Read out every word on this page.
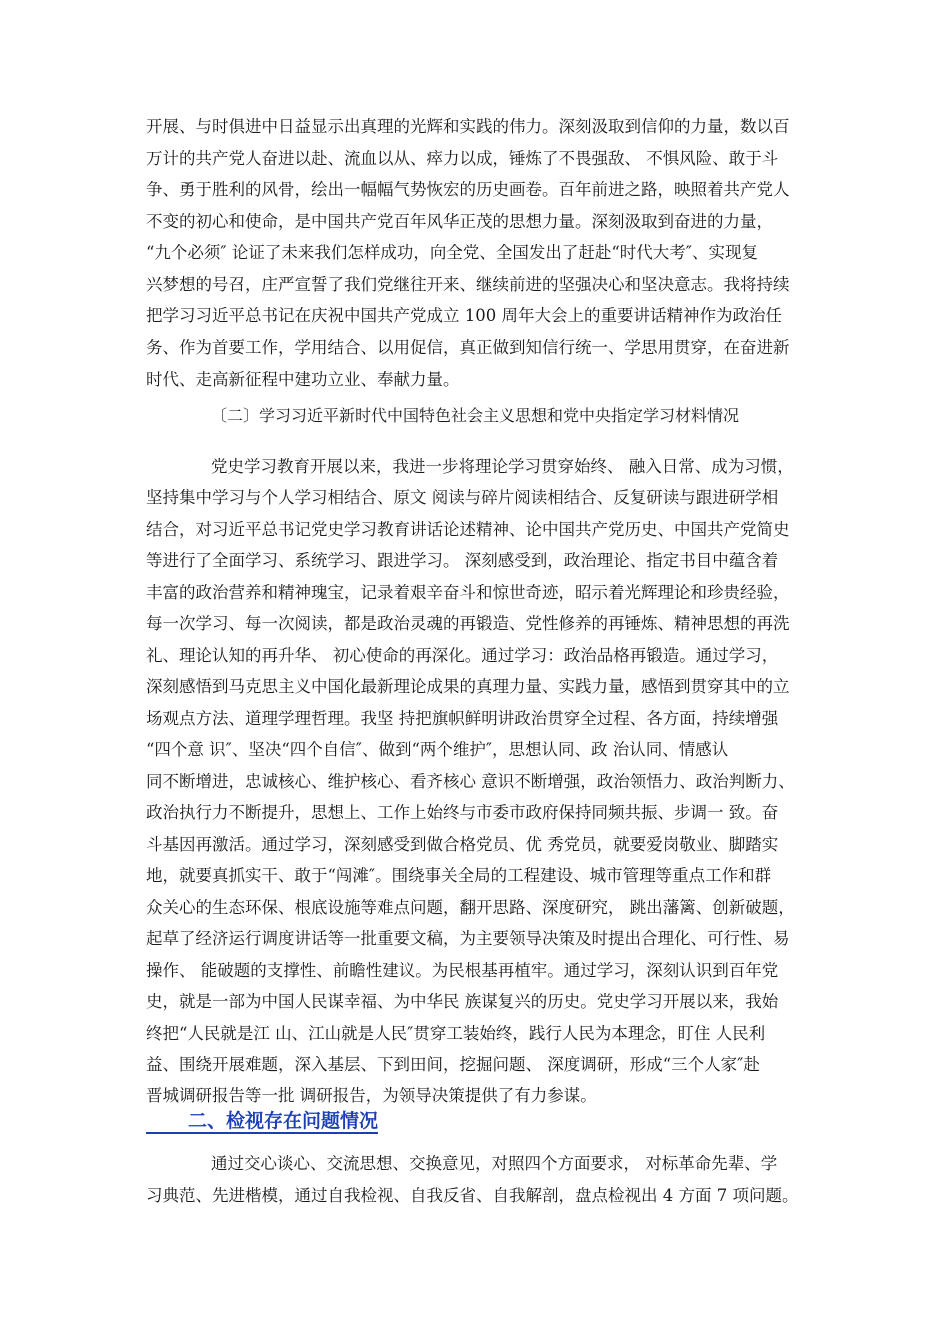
开展、与时俱进中日益显示出真理的光辉和实践的伟力。深刻汲取到信仰的力量，数以百
万计的共产党人奋进以赴、流血以从、瘁力以成，锤炼了不畏强敌、 不惧风险、敢于斗
争、勇于胜利的风骨，绘出一幅幅气势恢宏的历史画卷。百年前进之路，映照着共产党人
不变的初心和使命，是中国共产党百年风华正茂的思想力量。深刻汲取到奋进的力量，
“九个必须″ 论证了未来我们怎样成功，向全党、全国发出了赶赴“时代大考″、实现复
兴梦想的号召，庄严宣誓了我们党继往开来、继续前进的坚强决心和坚决意志。我将持续
把学习习近平总书记在庆祝中国共产党成立 100 周年大会上的重要讲话精神作为政治任
务、作为首要工作，学用结合、以用促信，真正做到知信行统一、学思用贯穿，在奋进新
时代、走高新征程中建功立业、奉献力量。
〔二〕学习习近平新时代中国特色社会主义思想和党中央指定学习材料情况
党史学习教育开展以来，我进一步将理论学习贯穿始终、 融入日常、成为习惯，
坚持集中学习与个人学习相结合、原文 阅读与碎片阅读相结合、反复研读与跟进研学相
结合，对习近平总书记党史学习教育讲话论述精神、论中国共产党历史、中国共产党简史
等进行了全面学习、系统学习、跟进学习。 深刻感受到，政治理论、指定书目中蕴含着
丰富的政治营养和精神瑰宝，记录着艰辛奋斗和惊世奇迹，昭示着光辉理论和珍贵经验，
每一次学习、每一次阅读，都是政治灵魂的再锻造、党性修养的再锤炼、精神思想的再洗
礼、理论认知的再升华、 初心使命的再深化。通过学习：政治品格再锻造。通过学习，
深刻感悟到马克思主义中国化最新理论成果的真理力量、实践力量，感悟到贯穿其中的立
场观点方法、道理学理哲理。我坚 持把旗帜鲜明讲政治贯穿全过程、各方面，持续增强
“四个意 识″、坚决“四个自信″、做到“两个维护″，思想认同、政 治认同、情感认
同不断增进，忠诚核心、维护核心、看齐核心 意识不断增强，政治领悟力、政治判断力、
政治执行力不断提升，思想上、工作上始终与市委市政府保持同频共振、步调一 致。奋
斗基因再激活。通过学习，深刻感受到做合格党员、优 秀党员，就要爱岗敬业、脚踏实
地，就要真抓实干、敢于“闯滩″。围绕事关全局的工程建设、城市管理等重点工作和群
众关心的生态环保、根底设施等难点问题，翻开思路、深度研究， 跳出藩篱、创新破题，
起草了经济运行调度讲话等一批重要文稿，为主要领导决策及时提出合理化、可行性、易
操作、 能破题的支撑性、前瞻性建议。为民根基再植牢。通过学习，深刻认识到百年党
史，就是一部为中国人民谋幸福、为中华民 族谋复兴的历史。党史学习开展以来，我始
终把“人民就是江 山、江山就是人民″贯穿工装始终，践行人民为本理念，盯住 人民利
益、围绕开展难题，深入基层、下到田间，挖掘问题、 深度调研，形成“三个人家″赴
晋城调研报告等一批 调研报告，为领导决策提供了有力参谋。
二、检视存在问题情况
通过交心谈心、交流思想、交换意见，对照四个方面要求， 对标革命先辈、学
习典范、先进楷模，通过自我检视、自我反省、自我解剖，盘点检视出 4 方面 7 项问题。
